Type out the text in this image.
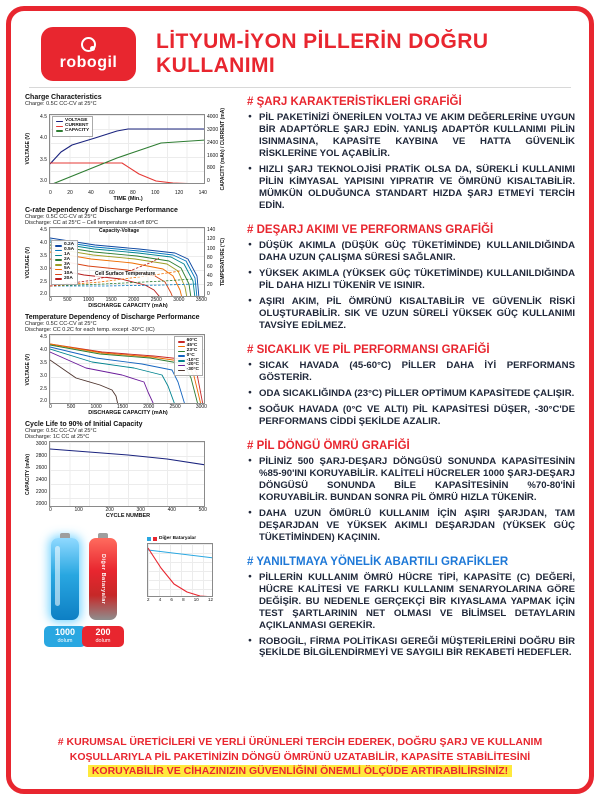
robogil
LİTYUM-İYON PİLLERİN DOĞRU
KULLANIMI
Charge Characteristics
Charge: 0.5C CC-CV at 25°C
VOLTAGE (V)
4.5
4.0
3.5
3.0
VOLTAGE
CURRENT
CAPACITY
4000
3200
2400
1600
800
0	CAPACITY (mAh) / CURRENT (mA)
0	20	40	60	80	100	120	140
TIME (Min.)
C-rate Dependency of Discharge Performance
Charge: 0.5C CC-CV at 25°C
Discharge: CC at 25°C – Cell temperature cut-off 80°C
VOLTAGE (V)
4.5
4.0
3.5
3.0
2.5
2.0
Capacity-Voltage
Cell Surface Temperature
0.2A
0.5A
1A
2A
3A
5A
10A
20A
140
120
100
80
60
40
20
0
TEMPERATURE (°C)
0 500 1000 1500 2000 2500 3000 3500
DISCHARGE CAPACITY (mAh)
Temperature Dependency of Discharge Performance
Charge: 0.5C CC-CV at 25°C
Discharge: CC 0.2C for each temp. except -30°C (IC)
VOLTAGE (V)
4.5
4.0
3.5
3.0
2.5
2.0
60°C
45°C
23°C
0°C
-10°C
-20°C
-30°C
0	500	1000	1500	2000	2500	3000
DISCHARGE CAPACITY (mAh)
Cycle Life to 90% of Initial Capacity
Charge: 0.5C CC-CV at 25°C
Discharge: 1C CC at 25°C
CAPACITY (mAh)
3000
2800
2600
2400
2200
2000
0	100	200	300	400	500
CYCLE NUMBER
Diğer Bataryalar
1000
dolum
200
dolum
Diğer Bataryalar
2 4 6 8 10 12
# ŞARJ KARAKTERİSTİKLERİ GRAFİĞİ
● PİL PAKETİNİZİ ÖNERİLEN VOLTAJ VE AKIM DEĞERLERİNE UYGUN BİR ADAPTÖRLE ŞARJ EDİN. YANLIŞ ADAPTÖR KULLANIMI PİLİN ISINMASINA, KAPASİTE KAYBINA VE HATTA GÜVENLİK RİSKLERİNE YOL AÇABİLİR.
● HIZLI ŞARJ TEKNOLOJİSİ PRATİK OLSA DA, SÜREKLİ KULLANIMI PİLİN KİMYASAL YAPISINI YIPRATIR VE ÖMRÜNÜ KISALTABİLİR. MÜMKÜN OLDUĞUNCA STANDART HIZDA ŞARJ ETMEYİ TERCİH EDİN.
# DEŞARJ AKIMI VE PERFORMANS GRAFİĞİ
● DÜŞÜK AKIMLA (DÜŞÜK GÜÇ TÜKETİMİNDE) KULLANILDIĞINDA DAHA UZUN ÇALIŞMA SÜRESİ SAĞLANIR.
● YÜKSEK AKIMLA (YÜKSEK GÜÇ TÜKETİMİNDE) KULLANILDIĞINDA PİL DAHA HIZLI TÜKENİR VE ISINIR.
● AŞIRI AKIM, PİL ÖMRÜNÜ KISALTABİLİR VE GÜVENLİK RİSKİ OLUŞTURABİLİR. SIK VE UZUN SÜRELİ YÜKSEK GÜÇ KULLANIMI TAVSİYE EDİLMEZ.
# SICAKLIK VE PİL PERFORMANSI GRAFİĞİ
● SICAK HAVADA (45-60°C) PİLLER DAHA İYİ PERFORMANS GÖSTERİR.
● ODA SICAKLIĞINDA (23°C) PİLLER OPTİMUM KAPASİTEDE ÇALIŞIR.
● SOĞUK HAVADA (0°C VE ALTI) PİL KAPASİTESİ DÜŞER, -30°C'DE PERFORMANS CİDDİ ŞEKİLDE AZALIR.
# PİL DÖNGÜ ÖMRÜ GRAFİĞİ
● PİLİNİZ 500 ŞARJ-DEŞARJ DÖNGÜSÜ SONUNDA KAPASİTESİNİN %85-90'INI KORUYABİLİR. KALİTELİ HÜCRELER 1000 ŞARJ-DEŞARJ DÖNGÜSÜ SONUNDA BİLE KAPASİTESİNİN %70-80'İNİ KORUYABİLİR. BUNDAN SONRA PİL ÖMRÜ HIZLA TÜKENİR.
● DAHA UZUN ÖMÜRLÜ KULLANIM İÇİN AŞIRI ŞARJDAN, TAM DEŞARJDAN VE YÜKSEK AKIMLI DEŞARJDAN (YÜKSEK GÜÇ TÜKETİMİNDEN) KAÇININ.
# YANILTMAYA YÖNELİK ABARTILI GRAFİKLER
● PİLLERİN KULLANIM ÖMRÜ HÜCRE TİPİ, KAPASİTE (C) DEĞERİ, HÜCRE KALİTESİ VE FARKLI KULLANIM SENARYOLARINA GÖRE DEĞİŞİR. BU NEDENLE GERÇEKÇİ BİR KIYASLAMA YAPMAK İÇİN TEST ŞARTLARININ NET OLMASI VE BİLİMSEL DETAYLARIN AÇIKLANMASI GEREKİR.
● ROBOGİL, FİRMA POLİTİKASI GEREĞİ MÜŞTERİLERİNİ DOĞRU BİR ŞEKİLDE BİLGİLENDİRMEYİ VE SAYGILI BİR REKABETİ HEDEFLER.
# KURUMSAL ÜRETİCİLERİ VE YERLİ ÜRÜNLERİ TERCİH EDEREK, DOĞRU ŞARJ VE KULLANIM
KOŞULLARIYLA PİL PAKETİNİZİN DÖNGÜ ÖMRÜNÜ UZATABİLİR, KAPASİTE STABİLİTESİNİ
KORUYABİLİR VE CİHAZINIZIN GÜVENLİĞİNİ ÖNEMLİ ÖLÇÜDE ARTIRABİLİRSİNİZ!
